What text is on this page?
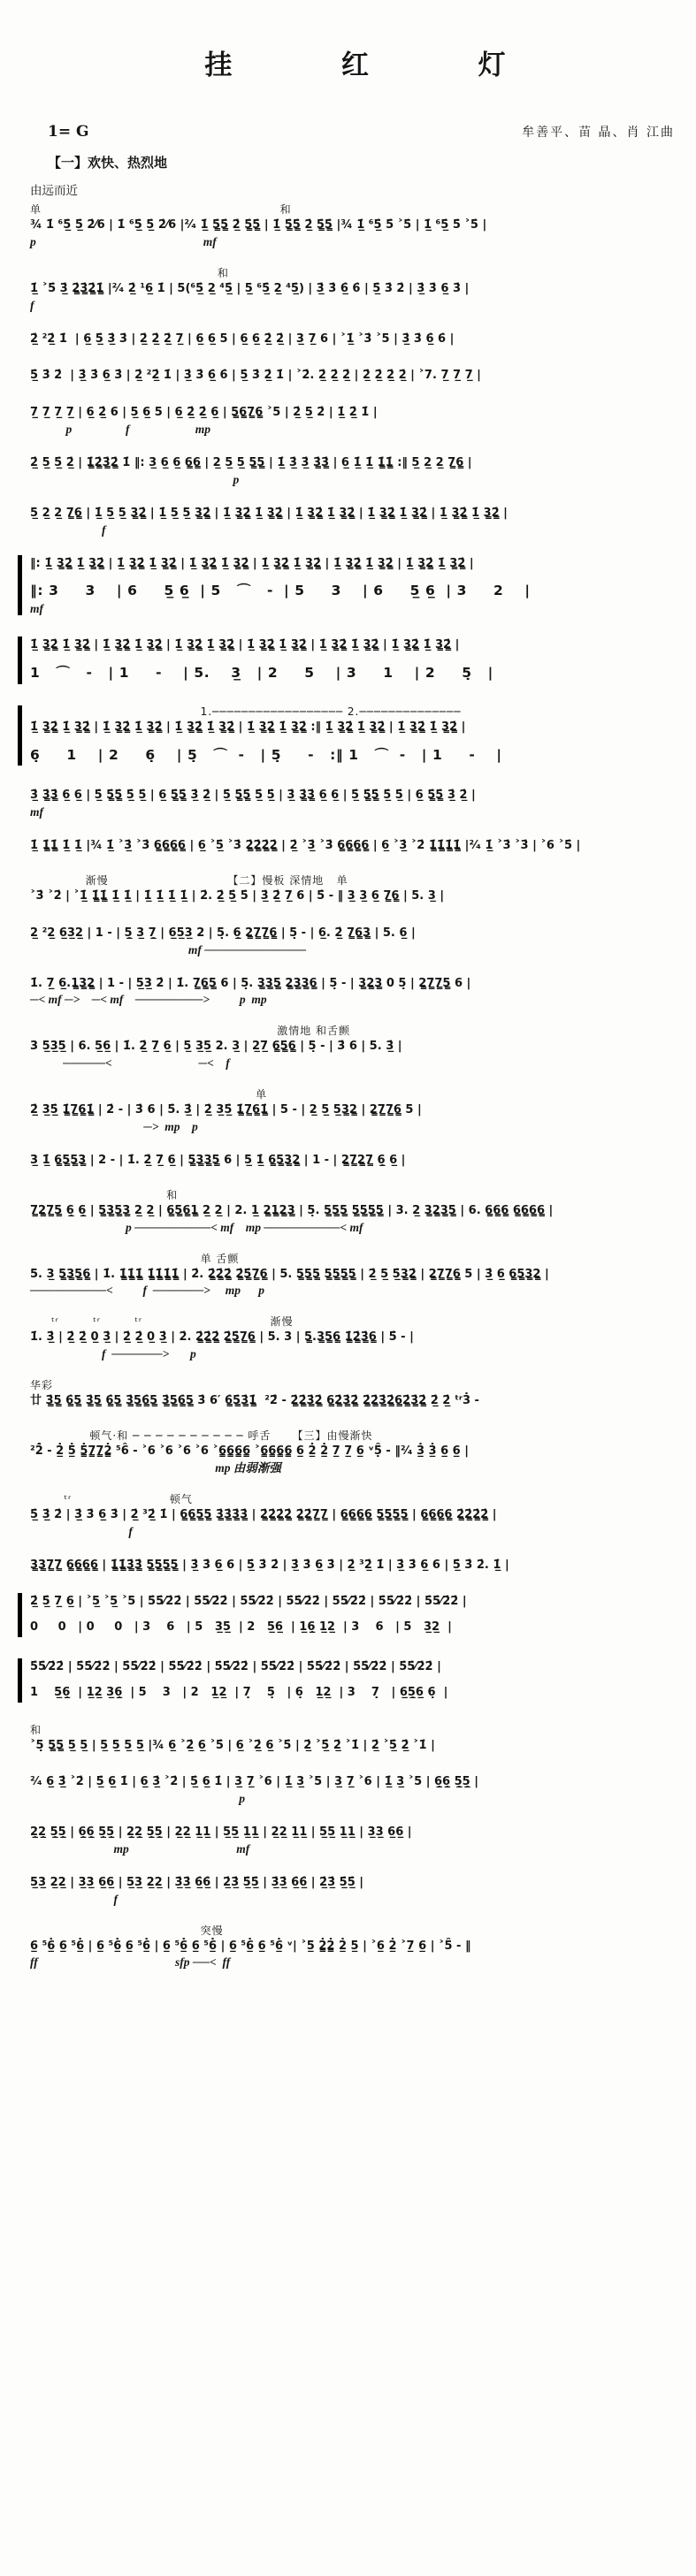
挂  红  灯
1= G	牟善平、苗 晶、肖 江曲
【一】欢快、热烈地
由远而近
单                                                        和
¾ 1̇ ⁶5̲̇ 5̲̇ 2̇⁄6 | 1̇ ⁶5̲̇ 5̲̇ 2̇⁄6 |²⁄₄ 1̲̇ 5̳̇5̳̇ 2̲̇ 5̳̇5̳̇ | 1̲̇ 5̳̇5̳̇ 2̲̇ 5̳̇5̳̇ |¾ 1̲̇ ⁶5̲̇ 5̇ ˃5̇ | 1̲̇ ⁶5̲̇ 5̇ ˃5̇ |
p                                                        mf
和
1̲̇ ˃5̇ 3̲̇ 2̳̇3̳̇2̳̇1̳̇ |²⁄₄ 2̲̇ ¹6̲ 1̇ | 5(⁶5̲̇ 2̲ ⁴5̲̇ | 5̲ ⁶5̲̇ 2̲ ⁴5̲̇) | 3̲̇ 3̇ 6̲̇ 6̇ | 5̲̇ 3̇ 2̇ | 3̲̇ 3̇ 6̲ 3̇ |
f
2̲̇ ²2̲̇ 1̇  | 6̲ 5̲̇ 3̲̇ 3̇ | 2̲̇ 2̲̇ 2̲̇ 7̲ | 6̲ 6̲ 5 | 6̲ 6̲ 2̲̇ 2̲̇ | 3̲ 7̲ 6 | ˃1̲̇ ˃3̇ ˃5 | 3̲̇ 3̇ 6̲̇ 6̇ |
5̲̇ 3̇ 2̇  | 3̲̇ 3̇ 6̲ 3̇ | 2̲̇ ²2̲̇ 1̇ | 3̲̇ 3̇ 6̲̇ 6̇ | 5̲̇ 3̇ 2̲̇ 1̇ | ˃2̇. 2̲̇ 2̲̇ 2̲̇ | 2̲̇ 2̲̇ 2̲̇ 2̲̇ | ˃7. 7̲ 7̲ 7̲ |
7̲ 7̲ 7̲ 7̲ | 6̲ 2̲̇ 6 | 5̲ 6̲ 5 | 6̲ 2̲̇ 2̲̇ 6̲ | 5̳6̳7̳6̳ ˃5 | 2̲̇ 5̲ 2̇ | 1̲̇ 2̲̇ 1̇ |
p                  f                      mp
2̲̇ 5̲ 5̲̇ 2̲̇ | 1̳̇2̳̇3̳̇2̳̇ 1̇ ‖: 3̲ 6̲ 6̲ 6̳6̳ | 2̲ 5̲ 5̲ 5̳5̳ | 1̲̇ 3̲̇ 3̲̇ 3̳̇3̳̇ | 6̲ 1̲̇ 1̲̇ 1̳̇1̳̇ :‖ 5̲ 2̲ 2̲ 7̳6̳ |
p
5̲ 2̲ 2̲ 7̳6̳ | 1̲̇ 5̲ 5̲ 3̳2̳̇ | 1̲̇ 5̲ 5̲ 3̳2̳̇ | 1̲̇ 3̳2̳̇ 1̲̇ 3̳2̳̇ | 1̲̇ 3̳2̳̇ 1̲̇ 3̳2̳̇ | 1̲̇ 3̳2̳̇ 1̲̇ 3̳2̳̇ | 1̲̇ 3̳2̳̇ 1̲̇ 3̳2̳̇ |
f
‖: 1̲̇ 3̳2̳̇ 1̲̇ 3̳2̳̇ | 1̲̇ 3̳2̳̇ 1̲̇ 3̳2̳̇ | 1̲̇ 3̳2̳̇ 1̲̇ 3̳2̳̇ | 1̲̇ 3̳2̳̇ 1̲̇ 3̳2̳̇ | 1̲̇ 3̳2̳̇ 1̲̇ 3̳2̳̇ | 1̲̇ 3̳2̳̇ 1̲̇ 3̳2̳̇ |
‖: 3     3    | 6     5̲ 6̲  | 5   ⌒   -  | 5     3    | 6     5̲ 6̲  | 3     2    |
mf
1̲̇ 3̳2̳̇ 1̲̇ 3̳2̳̇ | 1̲̇ 3̳2̳̇ 1̲̇ 3̳2̳̇ | 1̲̇ 3̳2̳̇ 1̲̇ 3̳2̳̇ | 1̲̇ 3̳2̳̇ 1̲̇ 3̳2̳̇ | 1̲̇ 3̳2̳̇ 1̲̇ 3̳2̳̇ | 1̲̇ 3̳2̳̇ 1̲̇ 3̳2̳̇ |
1   ⌒   -   | 1     -    | 5.    3̲   | 2     5    | 3     1    | 2     5̣   |
1.────────────────── 2.──────────────
1̲̇ 3̳2̳̇ 1̲̇ 3̳2̳̇ | 1̲̇ 3̳2̳̇ 1̲̇ 3̳2̳̇ | 1̲̇ 3̳2̳̇ 1̲̇ 3̳2̳̇ | 1̲̇ 3̳2̳̇ 1̲̇ 3̳2̳̇ :‖ 1̲̇ 3̳2̳̇ 1̲̇ 3̳2̳̇ | 1̲̇ 3̳2̳̇ 1̲̇ 3̳2̳̇ |
6̣     1    | 2     6̣    | 5̣   ⌒  -   | 5̣     -   :‖ 1   ⌒  -   | 1     -    |
3̲̇ 3̳̇3̳̇ 6̲ 6̲ | 5̲̇ 5̳̇5̳̇ 5̲̇ 5̲̇ | 6̲ 5̳̇5̳̇ 3̲̇ 2̲̇ | 5̲̇ 5̳̇5̳̇ 5̲̇ 5̲̇ | 3̲̇ 3̳̇3̳̇ 6̲ 6̲ | 5̲̇ 5̳̇5̳̇ 5̲̇ 5̲̇ | 6̲ 5̳̇5̳̇ 3̲̇ 2̲̇ |
mf
1̲̇ 1̳̇1̳̇ 1̲̇ 1̲̇ |¾ 1̲̇ ˃3̲̇ ˃3̇ 6̳6̳6̳6̳ | 6̲ ˃5̲̇ ˃3̇ 2̳̇2̳̇2̳̇2̳̇ | 2̲̇ ˃3̲̇ ˃3̇ 6̳6̳6̳6̳ | 6̲ ˃3̲̇ ˃2̇ 1̳̇1̳̇1̳̇1̳̇ |²⁄₄ 1̲̇ ˃3̇ ˃3̇ | ˃6 ˃5̇ |
渐慢                            【二】慢板 深情地   单
˃3̇ ˃2̇ | ˃1̲̇ 1̳̇1̳̇ 1̲̇ 1̲̇ | 1̲̇ 1̲̇ 1̲̇ 1̲̇ | 2̇. 2̲̇ 5̲̇ 5̇ | 3̲̇ 2̲̇ 7̲ 6 | 5̇̑ - ‖ 3̲ 3̲ 6̲ 7̳6̳ | 5. 3̲ |
2̲ ²2̲ 6̲3̲2̲ | 1 - | 5̲̣ 3̲ 7̲̣ | 6̲5̲3̲ 2 | 5̣. 6̲̣ 2̳7̳7̳6̳ | 5̣ - | 6̲. 2̲̇ 7̳6̳3̳ | 5. 6̲ |
mf ────────────
1̇. 7̲ 6̲.1̳3̳2̳ | 1 - | 5̲3̲ 2̇ | 1̇. 7̳6̳5̳ 6 | 5̣. 3̳3̳5̳ 2̳3̳3̳6̳ | 5̣ - | 3̳2̳3̳ 0 5̣ | 2̳7̳7̳5̳ 6 |
─< mf ─>    ─< mf    ────────>          p  mp
激情地 和舌颤
3 5̲3̲5̲ | 6. 5̲6̲ | 1̇. 2̲̇ 7̲ 6̲ | 5̲ 3̲5̲ 2. 3̲ | 2̲7̲ 6̳5̳6̳ | 5̣ - | 3̇ 6 | 5. 3̲̇ |
─────<                             ─<    f
单
2̲̇ 3̲5̲̇ 1̳̇7̳6̳1̳̇ | 2̇ - | 3̇ 6 | 5̇. 3̲̇ | 2̲̇ 3̲5̲̇ 1̳̇7̳6̳1̳̇ | 5 - | 2̲ 5̲ 5̲3̳2̳ | 2̳7̳7̳6̳ 5 |
─>  mp    p
3̲ 1̲̇ 6̳5̳5̳3̳ | 2 - | 1̇. 2̲̇ 7̲ 6̲ | 5̳3̳3̳5̳ 6 | 5̲ 1̲̇ 6̳5̳3̳2̳ | 1 - | 2̳7̳2̳7̳ 6̲̣ 6̲ |
和
7̳2̳7̳5̳ 6̲̣ 6̲̣ | 5̳3̳5̳3̳ 2̲ 2̲ | 6̳5̳6̳1̳ 2̲ 2̲ | 2. 1̲ 2̳1̳2̳3̳ | 5̣. 5̳5̳5̳ 5̳5̳5̳5̳ | 3. 2̲ 3̳2̳3̳5̳ | 6. 6̳6̳6̳ 6̳6̳6̳6̳ |
p ─────────< mf    mp ─────────< mf
单 舌颤
5. 3̲ 5̳3̳5̳6̳ | 1̇. 1̳̇1̳̇1̳̇ 1̳̇1̳̇1̳̇1̳̇ | 2̇. 2̳̇2̳̇2̳̇ 2̳̇5̳̇7̳6̳ | 5. 5̳5̳5̳ 5̳5̳5̳5̳ | 2̲̇ 5̲ 5̲̇3̳2̳̇ | 2̳7̳7̳6̳ 5 | 3̲̇ 6̲ 6̳5̳3̳2̳ |
─────────<          f  ──────>     mp      p
ᵗʳ        ᵗʳ        ᵗʳ                              渐慢
1̇. 3̲̇ | 2̲̇ 2̲̇ 0̲ 3̲̇ | 2̲̇ 2̲̇ 0̲ 3̲̇ | 2̇. 2̳̇2̳̇2̳̇ 2̳̇5̳̇7̳6̳ | 5. 3 | 5̳.3̳5̳6̳ 1̳̇2̳̇3̳̇6̳ | 5̇̑ - |
f  ──────>       p
华彩
廿 3̳̇5̳ 6̳̇5̳ 3̳̇5̳ 6̳̇5̳ 3̳̇5̳6̳̇5̳ 3̳̇5̳6̳̇5̳ 3̇ 6′ 6̳̇5̳̇3̳̇1̳̇  ²2̇̑ - 2̳̇2̳̇3̳̇2̳̇ 6̳2̳̇3̳̇2̳̇ 2̳̇2̳̇3̳̇2̳̇6̳2̳̇3̳̇2̳̇ 2̲̇ 2̲̇ ᵗʳ3̇ -
顿气·和 ─ ─ ─ ─ ─ ─ ─ ─ ─ ─ 呼舌     【三】由慢渐快
²2̇̑ - 2̲̇ 5̲̇ 5̳̇7̳7̳2̳̇ ⁵6̑ - ˃6 ˃6 ˃6 ˃6 ˃6̳6̳6̳6̳ ˃6̳6̳6̳6̳ 6̲ 2̲̇ 2̲̇ 7̲ 7̲ 6̲ ᵛ5̣̑ - ‖²⁄₄ 3̲̇ 3̲̇ 6̲ 6̲ |
mp 由弱渐强
ᵗʳ                       顿气
5̲̇ 3̲̇ 2̇ | 3̲̇ 3̇ 6̲ 3̇ | 2̲̇ ³2̲̇ 1̇ | 6̳6̳5̳5̳ 3̳̇3̳̇3̳̇3̳̇ | 2̳̇2̳̇2̳̇2̳̇ 2̳̇2̳̇7̳7̳ | 6̳6̳6̳6̳ 5̳5̳5̳5̳ | 6̳6̳6̳6̳ 2̳̇2̳̇2̳̇2̳̇ |
f
3̳3̳7̳7̳ 6̳6̳6̳6̳ | 1̳̇1̳̇3̳̇3̳̇ 5̳5̳5̳5̳ | 3̲̇ 3̇ 6̲ 6 | 5̲̇ 3̇ 2̇ | 3̲̇ 3̇ 6̲ 3̇ | 2̲̇ ³2̲̇ 1̇ | 3̲̇ 3̇ 6̲ 6 | 5̲̇ 3̇ 2̇. 1̲̇ |
2̲̇ 5̲̇ 7̲ 6̲ | ˃5̲ ˃5̲ ˃5 | 5̇5̇⁄2̇2̇ | 5̇5̇⁄2̇2̇ | 5̇5̇⁄2̇2̇ | 5̇5̇⁄2̇2̇ | 5̇5̇⁄2̇2̇ | 5̇5̇⁄2̇2̇ | 5̇5̇⁄2̇2̇ |
0     0   | 0     0   | 3    6   | 5   3̲5̲  | 2   5̲6̲  | 1̲6̲̣ 1̲2̲  | 3    6   | 5   3̲2̲  |
5̇5̇⁄2̇2̇ | 5̇5̇⁄2̇2̇ | 5̇5̇⁄2̇2̇ | 5̇5̇⁄2̇2̇ | 5̇5̇⁄2̇2̇ | 5̇5̇⁄2̇2̇ | 5̇5̇⁄2̇2̇ | 5̇5̇⁄2̇2̇ | 5̇5̇⁄2̇2̇ |
1    5̲6̲̣  | 1̲2̲ 3̲6̲̣  | 5    3   | 2   1̲2̲  | 7̣    5̣   | 6̣   1̲2̲  | 3    7̣   | 6̲5̲̣6̲ 6̣  |
和
˃5̣ 5̳5̳ 5̲ 5̲ | 5̲ 5̲ 5̲ 5̲ |¾ 6̲ ˃2̲̇ 6̲ ˃5̇ | 6̲ ˃2̲̇ 6̲ ˃5̇ | 2̲̇ ˃5̲̇ 2̲̇ ˃1̇ | 2̲̇ ˃5̲̇ 2̲̇ ˃1̇ |
²⁄₄ 6̲ 3̲̇ ˃2̇ | 5̲̇ 6̲ 1̇ | 6̲ 3̲̇ ˃2̇ | 5̲̇ 6̲ 1̇ | 3̲ 7̲ ˃6 | 1̲̇ 3̲ ˃5 | 3̲ 7̲ ˃6 | 1̲̇ 3̲ ˃5 | 6̲̣6̲̣ 5̲̣5̲̣ |
p
2̲̣2̲̣ 5̲̣5̲̣ | 6̲̣6̲̣ 5̲̣5̲̣ | 2̲̣2̲̣ 5̲̣5̲̣ | 2̲2̲ 1̲1̲ | 5̲5̲ 1̲1̲ | 2̲2̲ 1̲1̲ | 5̲5̲ 1̲1̲ | 3̲3̲ 6̲6̲ |
mp                                    mf
5̲3̲ 2̲2̲ | 3̲3̲ 6̲6̲ | 5̲3̲ 2̲2̲ | 3̲̇3̲̇ 6̲̇6̲̇ | 2̲̇3̲̇ 5̲̇5̲̇ | 3̲̇3̲̇ 6̲̇6̲̇ | 2̲̇3̲̇ 5̲̇5̲̇ |
f
突慢
6̲ ⁵6̲̇ 6̲ ⁵6̲̇ | 6̲ ⁵6̲̇ 6̲ ⁵6̲̇ | 6̲ ⁵6̲̇ 6̲ ⁵6̲̇ | 6̲ ⁵6̲̇ 6̲ ⁵6̲̇ ᵛ| ˃5̲ 2̳̇2̳̇ 2̲̇ 5̲ | ˃6̲ 2̲̇ ˃7̲ 6̲ | ˃5̑ - ‖
ff                                              sfp ──<  ff
